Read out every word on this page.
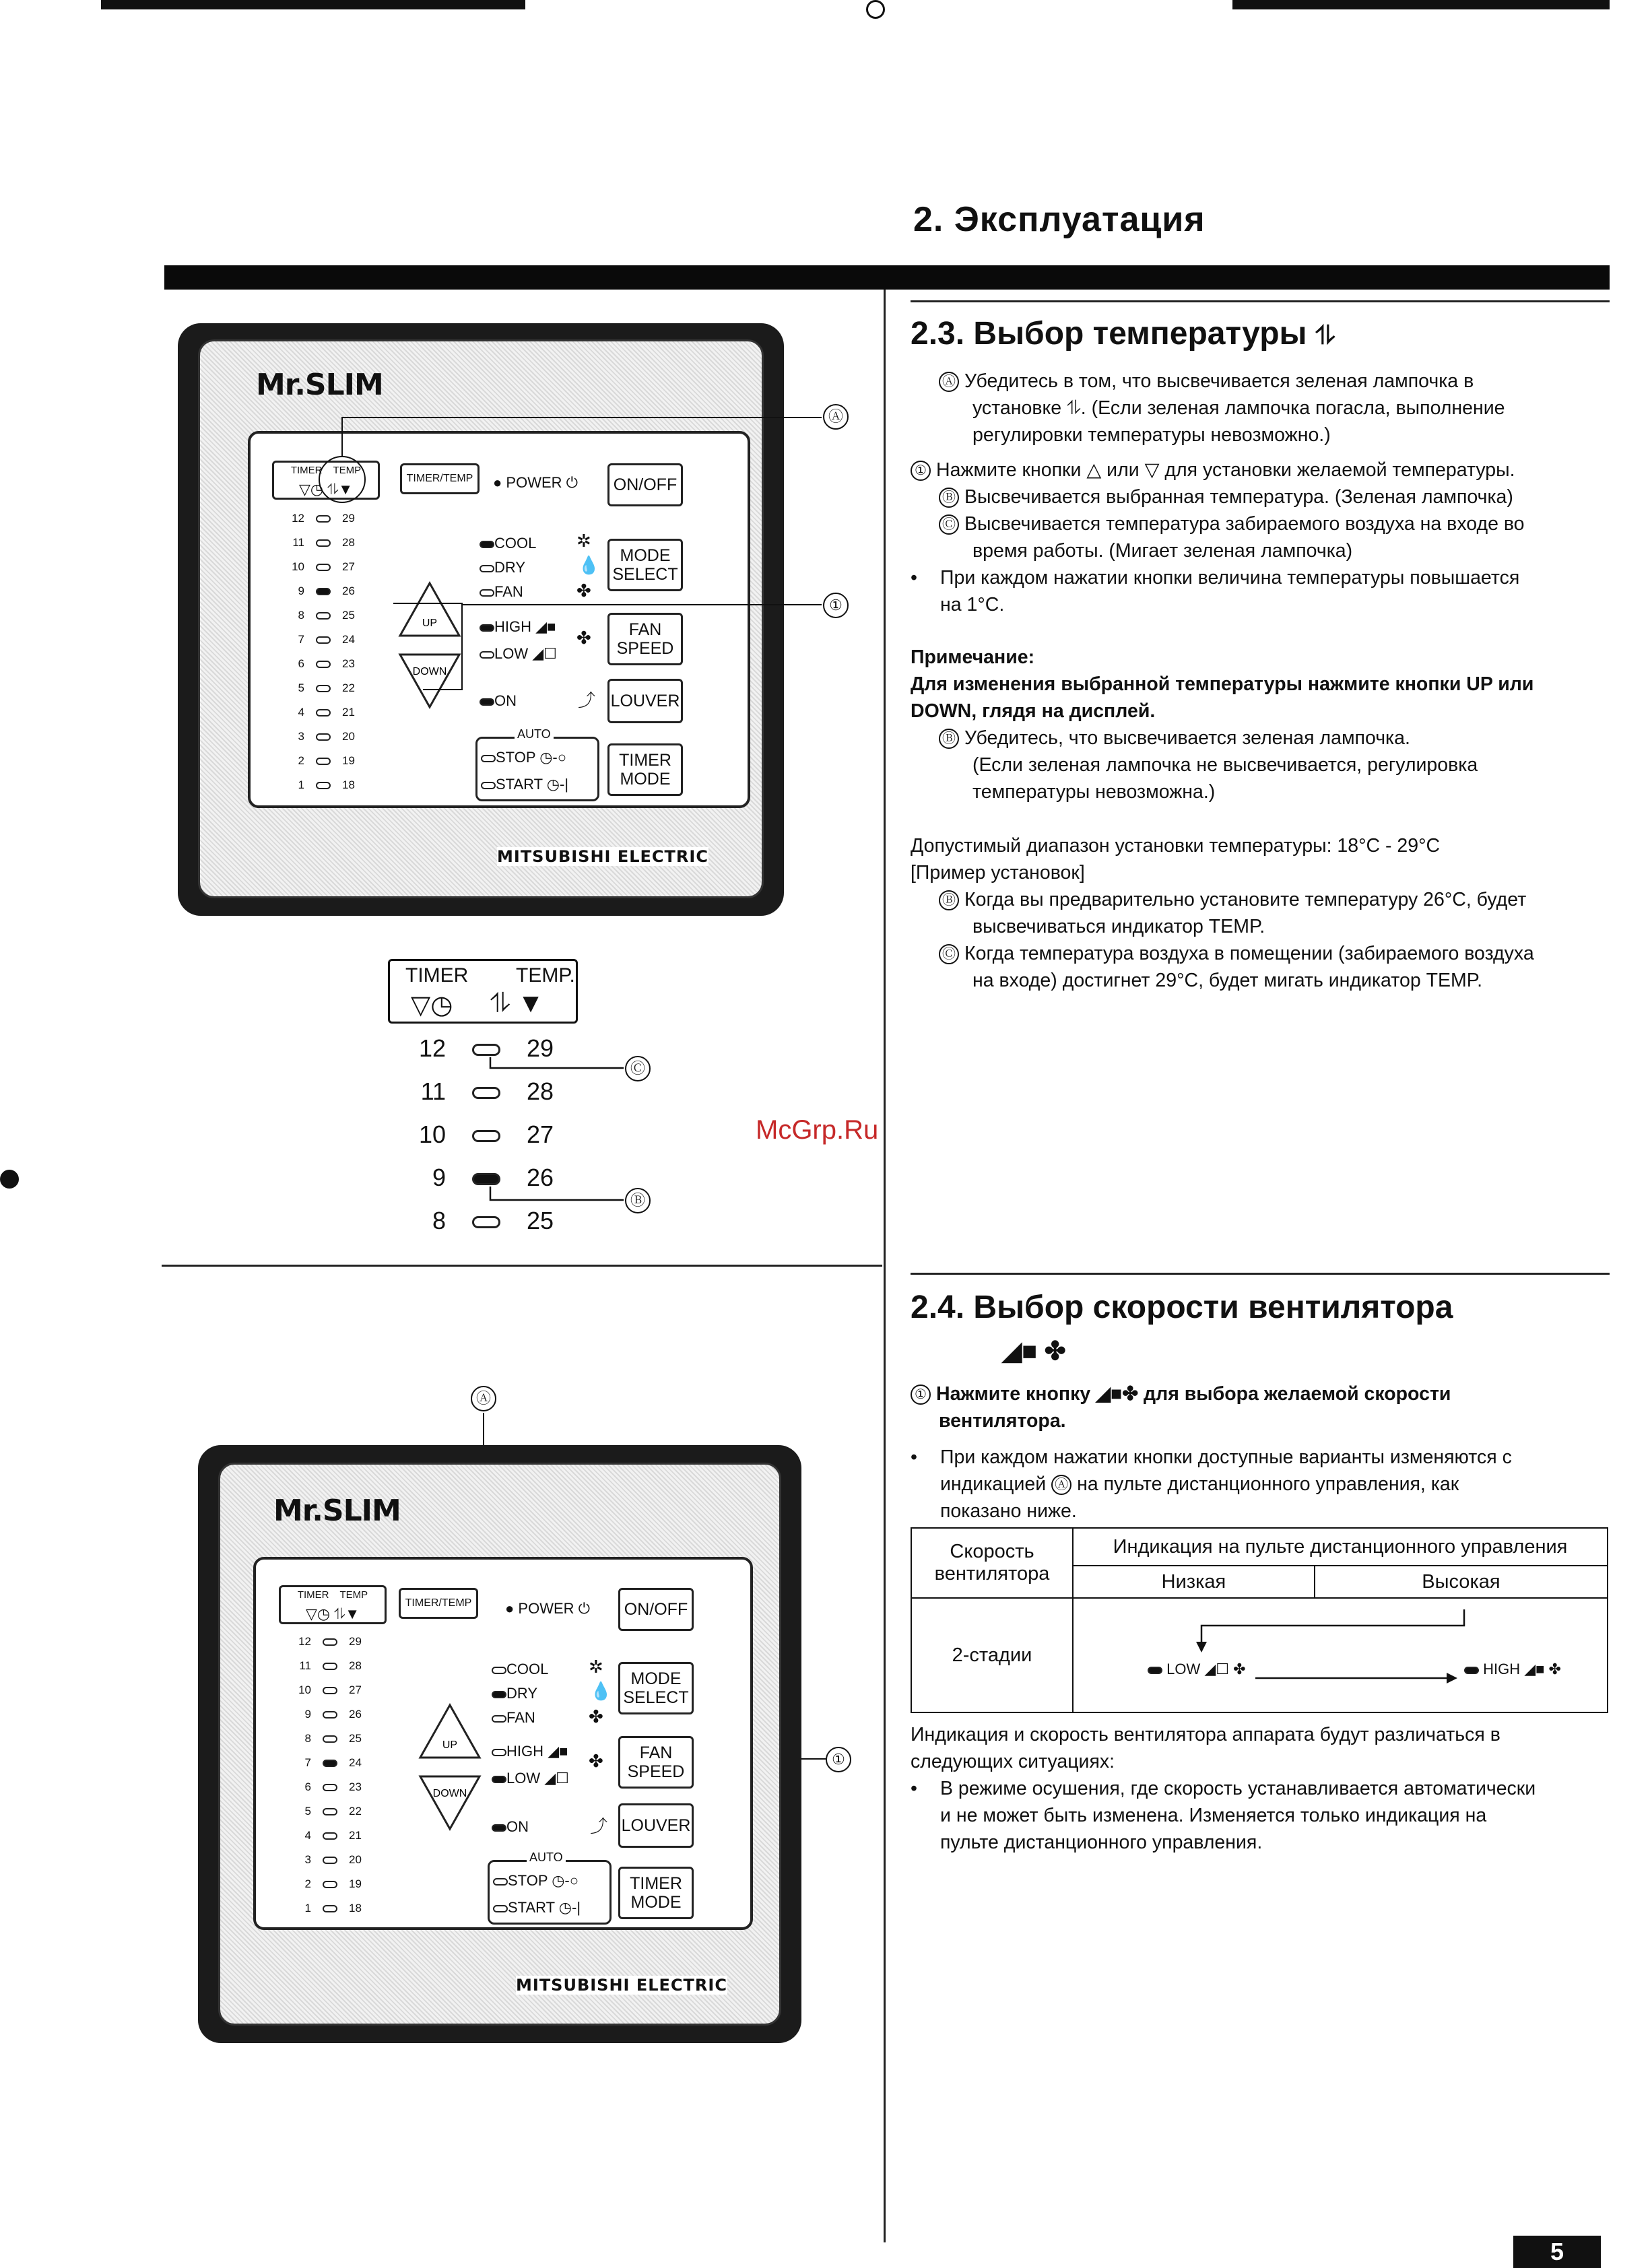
2. Эксплуатация
McGrp.Ru
2.3. Выбор температуры ⥮
Ⓐ Убедитесь в том, что высвечивается зеленая лампочка в
установке ⥮. (Если зеленая лампочка погасла, выполнение
регулировки температуры невозможно.)
① Нажмите кнопки △ или ▽ для установки желаемой температуры.
Ⓑ Высвечивается выбранная температура. (Зеленая лампочка)
Ⓒ Высвечивается температура забираемого воздуха на входе во
время работы. (Мигает зеленая лампочка)
• При каждом нажатии кнопки величина температуры повышается
на 1°C.
Примечание:
Для изменения выбранной температуры нажмите кнопки UP или
DOWN, глядя на дисплей.
Ⓑ Убедитесь, что высвечивается зеленая лампочка.
(Если зеленая лампочка не высвечивается, регулировка
температуры невозможна.)
Допустимый диапазон установки температуры: 18°C - 29°C
[Пример установок]
Ⓑ Когда вы предварительно установите температуру 26°C, будет
высвечиваться индикатор TEMP.
Ⓒ Когда температура воздуха в помещении (забираемого воздуха
на входе) достигнет 29°C, будет мигать индикатор TEMP.
2.4. Выбор скорости вентилятора
◢■ ✤
① Нажмите кнопку ◢■✤ для выбора желаемой скорости
вентилятора.
• При каждом нажатии кнопки доступные варианты изменяются с
индикацией Ⓐ на пульте дистанционного управления, как
показано ниже.
Скорость
вентилятора	Индикация на пульте дистанционного управления	
	Низкая	Высокая
2-стадии	LOW ◢☐ ✤ HIGH ◢■ ✤	
Индикация и скорость вентилятора аппарата будут различаться в
следующих ситуациях:
• В режиме осушения, где скорость устанавливается автоматически
и не может быть изменена. Изменяется только индикация на
пульте дистанционного управления.
5
Mr.SLIM
MITSUBISHI ELECTRIC
TIMER TEMP
▽◷ ⥮▼
TIMER/TEMP
12	29
11	28
10	27
9	26
8	25
7	24
6	23
5	22
4	21
3	20
2	19
1	18
UP
DOWN
● POWER ⏻	ON/OFF
COOL
DRY
FAN
✲
💧
✤
MODE
SELECT
HIGH ◢■
LOW ◢☐
✤ FAN
SPEED
ON	⤴ LOUVER
AUTO
STOP ◷-○
START ◷-|
TIMER
MODE
Ⓐ
①
TIMER TEMP.
▽◷ ⥮ ▼
12	29
11	28
10	27
9	26
8	25
Ⓒ
Ⓑ
Ⓐ
①
Mr.SLIM
MITSUBISHI ELECTRIC
TIMER TEMP
▽◷ ⥮▼
TIMER/TEMP
12	29
11	28
10	27
9	26
8	25
7	24
6	23
5	22
4	21
3	20
2	19
1	18
UP
DOWN
● POWER ⏻	ON/OFF
COOL
DRY
FAN
✲
💧
✤
MODE
SELECT
HIGH ◢■
LOW ◢☐
✤ FAN
SPEED
ON	⤴ LOUVER
AUTO
STOP ◷-○
START ◷-|
TIMER
MODE
